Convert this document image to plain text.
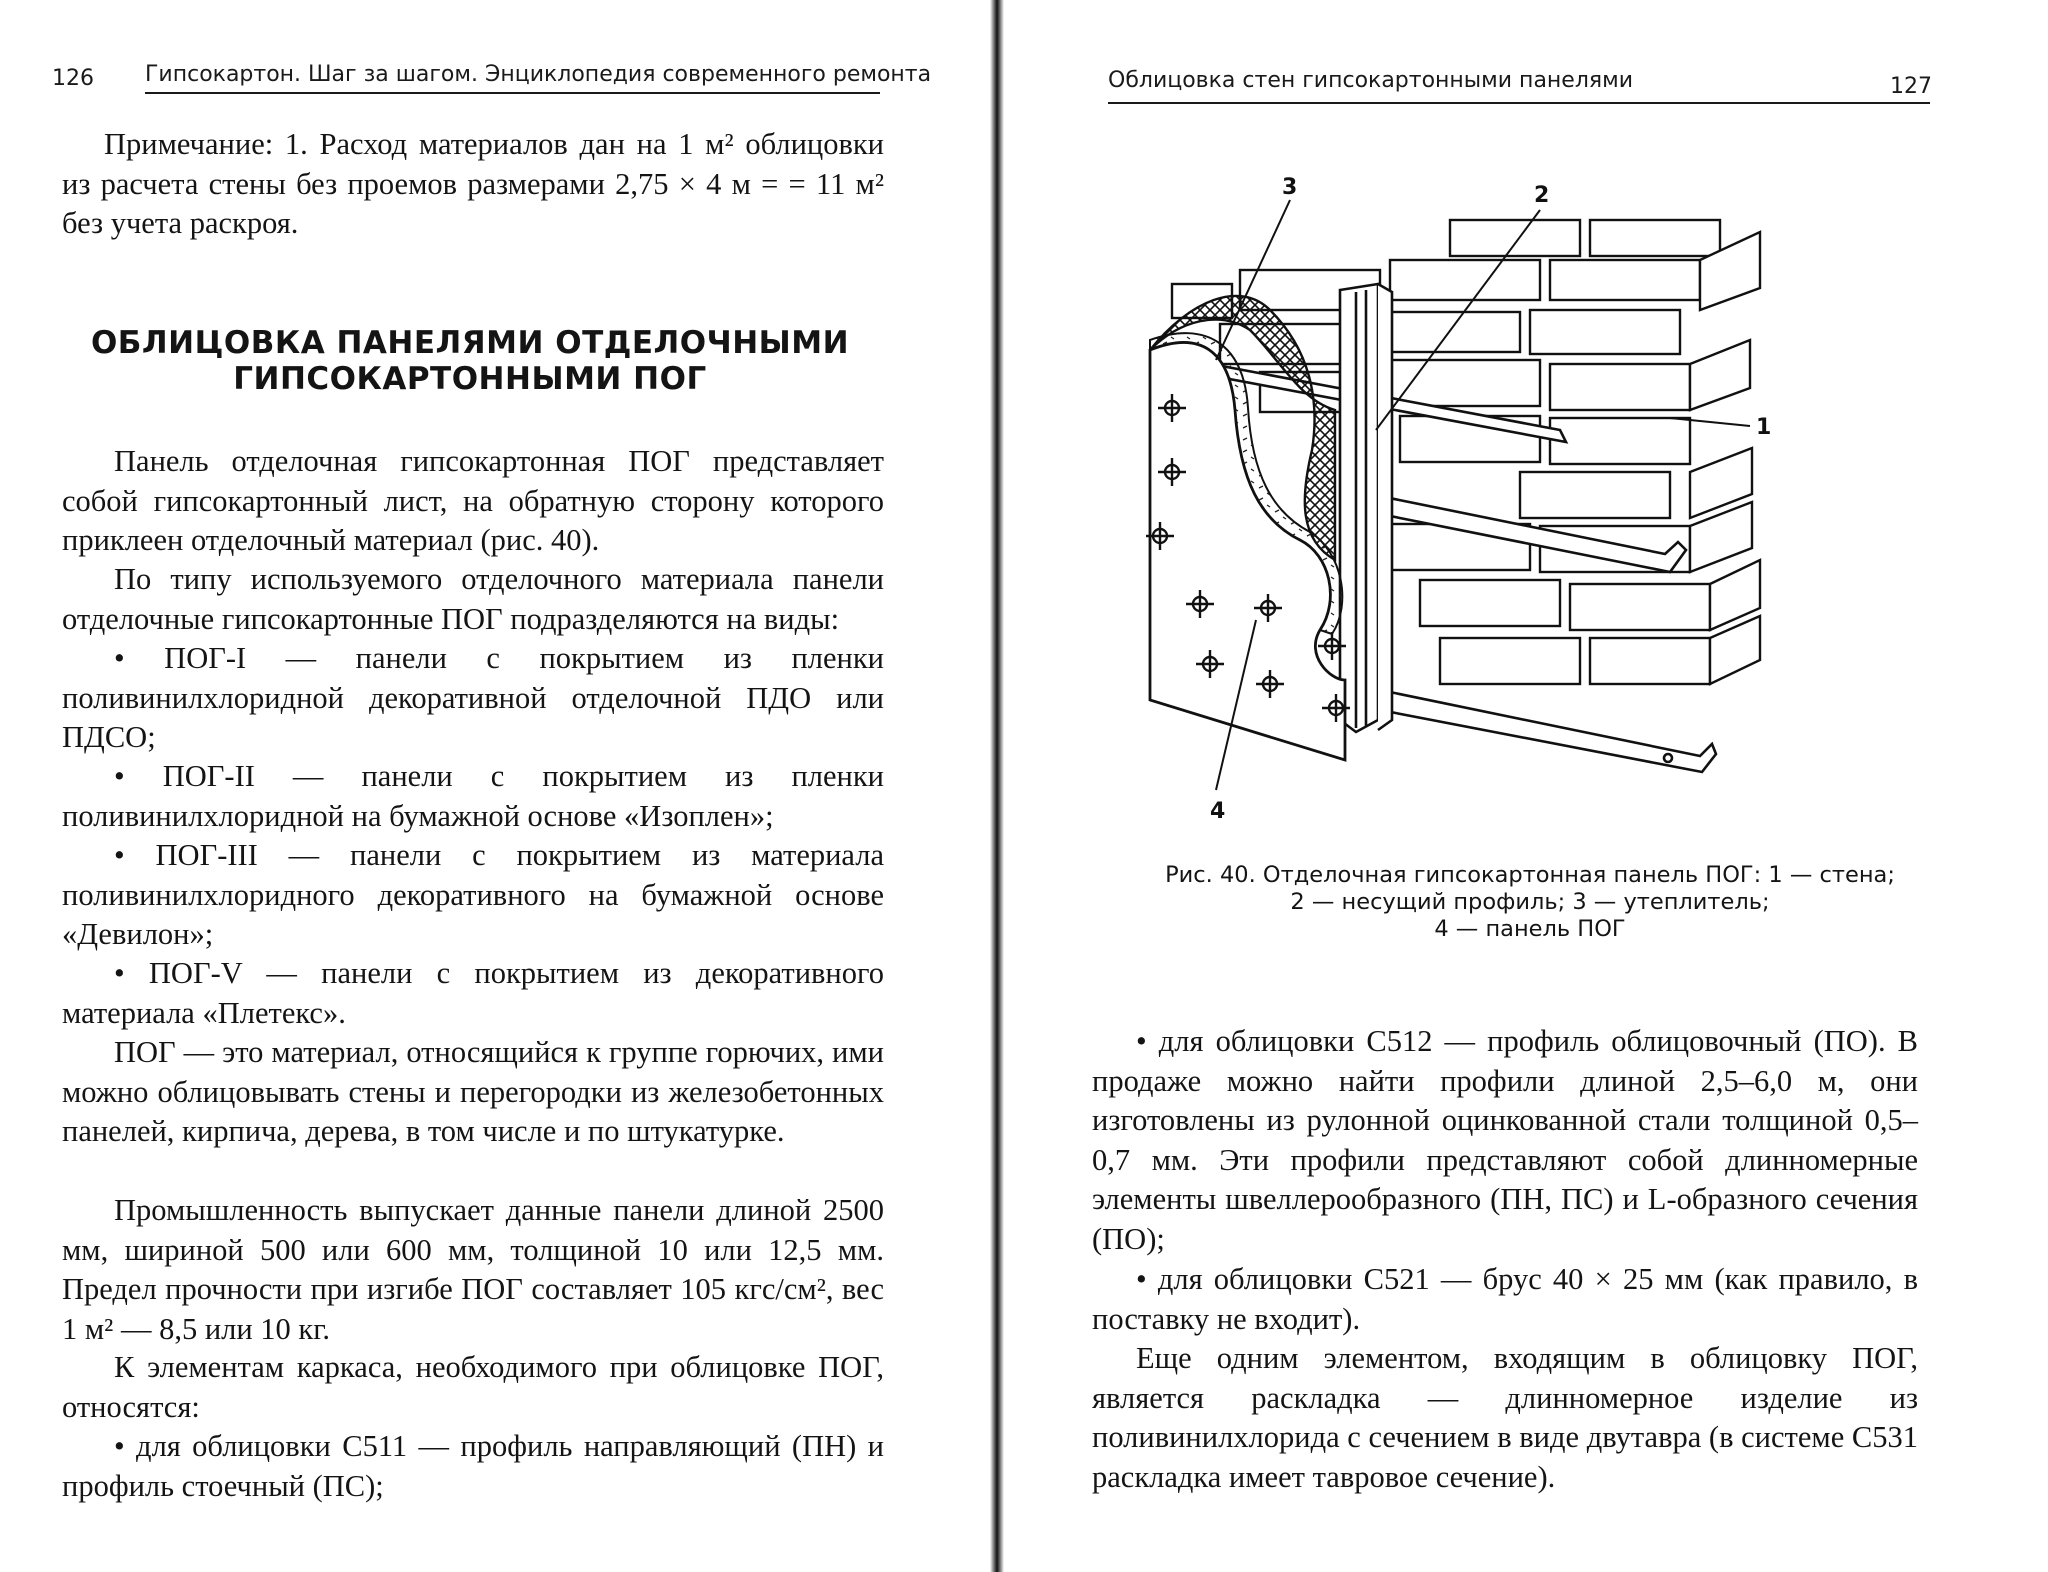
126 Гипсокартон. Шаг за шагом. Энциклопедия современного ремонта

Примечание: 1. Расход материалов дан на 1 м² облицовки из расчета стены без проемов размерами 2,75 × 4 м = = 11 м² без учета раскроя.

ОБЛИЦОВКА ПАНЕЛЯМИ ОТДЕЛОЧНЫМИ
ГИПСОКАРТОННЫМИ ПОГ

Панель отделочная гипсокартонная ПОГ представляет собой гипсокартонный лист, на обратную сторону которого приклеен отделочный материал (рис. 40).

По типу используемого отделочного материала панели отделочные гипсокартонные ПОГ подразделяются на виды:

• ПОГ-I — панели с покрытием из пленки поливинилхлоридной декоративной отделочной ПДО или ПДСО;

• ПОГ-II — панели с покрытием из пленки поливинилхлоридной на бумажной основе «Изоплен»;

• ПОГ-III — панели с покрытием из материала поливинилхлоридного декоративного на бумажной основе «Девилон»;

• ПОГ-V — панели с покрытием из декоративного материала «Плетекс».

ПОГ — это материал, относящийся к группе горючих, ими можно облицовывать стены и перегородки из железобетонных панелей, кирпича, дерева, в том числе и по штукатурке.

Промышленность выпускает данные панели длиной 2500 мм, шириной 500 или 600 мм, толщиной 10 или 12,5 мм. Предел прочности при изгибе ПОГ составляет 105 кгс/см², вес 1 м² — 8,5 или 10 кг.

К элементам каркаса, необходимого при облицовке ПОГ, относятся:

• для облицовки С511 — профиль направляющий (ПН) и профиль стоечный (ПС);

Облицовка стен гипсокартонными панелями	127
3	2
1
4
Рис. 40. Отделочная гипсокартонная панель ПОГ: 1 — стена;
2 — несущий профиль; 3 — утеплитель;
4 — панель ПОГ

• для облицовки С512 — профиль облицовочный (ПО). В продаже можно найти профили длиной 2,5–6,0 м, они изготовлены из рулонной оцинкованной стали толщиной 0,5–0,7 мм. Эти профили представляют собой длинномерные элементы швеллерообразного (ПН, ПС) и L-образного сечения (ПО);

• для облицовки С521 — брус 40 × 25 мм (как правило, в поставку не входит).

Еще одним элементом, входящим в облицовку ПОГ, является раскладка — длинномерное изделие из поливинилхлорида с сечением в виде двутавра (в системе С531 раскладка имеет тавровое сечение).
